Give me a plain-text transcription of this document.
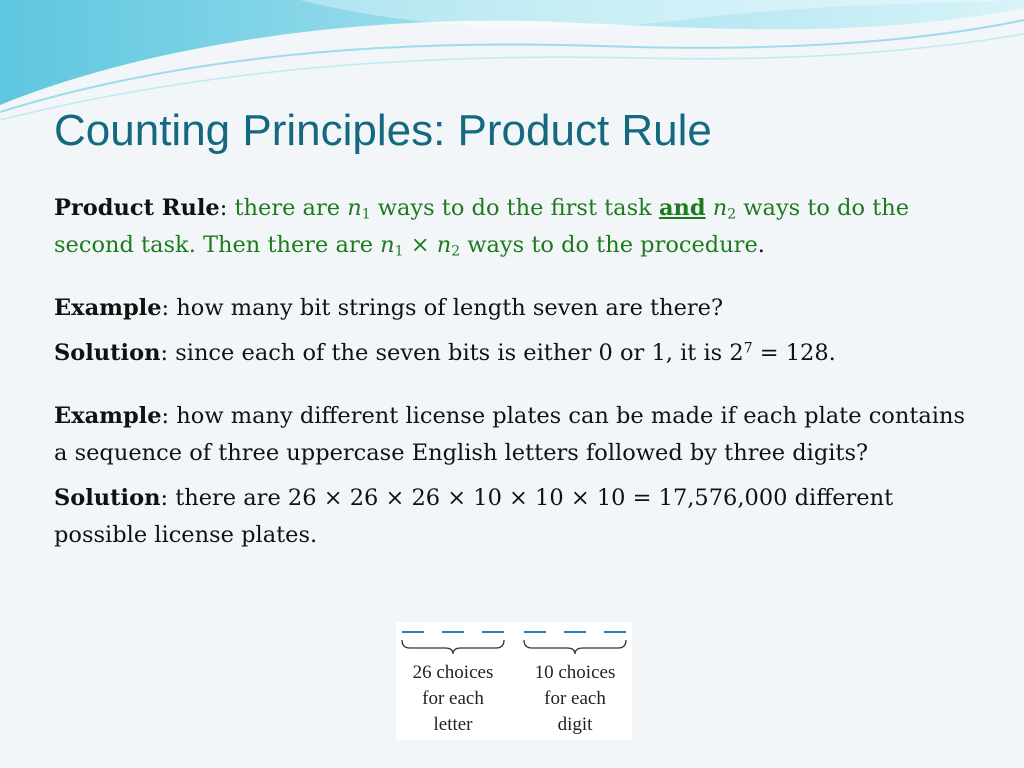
Counting Principles: Product Rule

Product Rule: there are $n_1$ ways to do the first task and $n_2$ ways to do the second task. Then there are $n_1 \times n_2$ ways to do the procedure.

Example: how many bit strings of length seven are there?

Solution: since each of the seven bits is either 0 or 1, it is $2^7 = 128$.

Example: how many different license plates can be made if each plate contains a sequence of three uppercase English letters followed by three digits?

Solution: there are 26 × 26 × 26 × 10 × 10 × 10 = 17,576,000 different possible license plates.

26 choices
for each
letter
10 choices
for each
digit
